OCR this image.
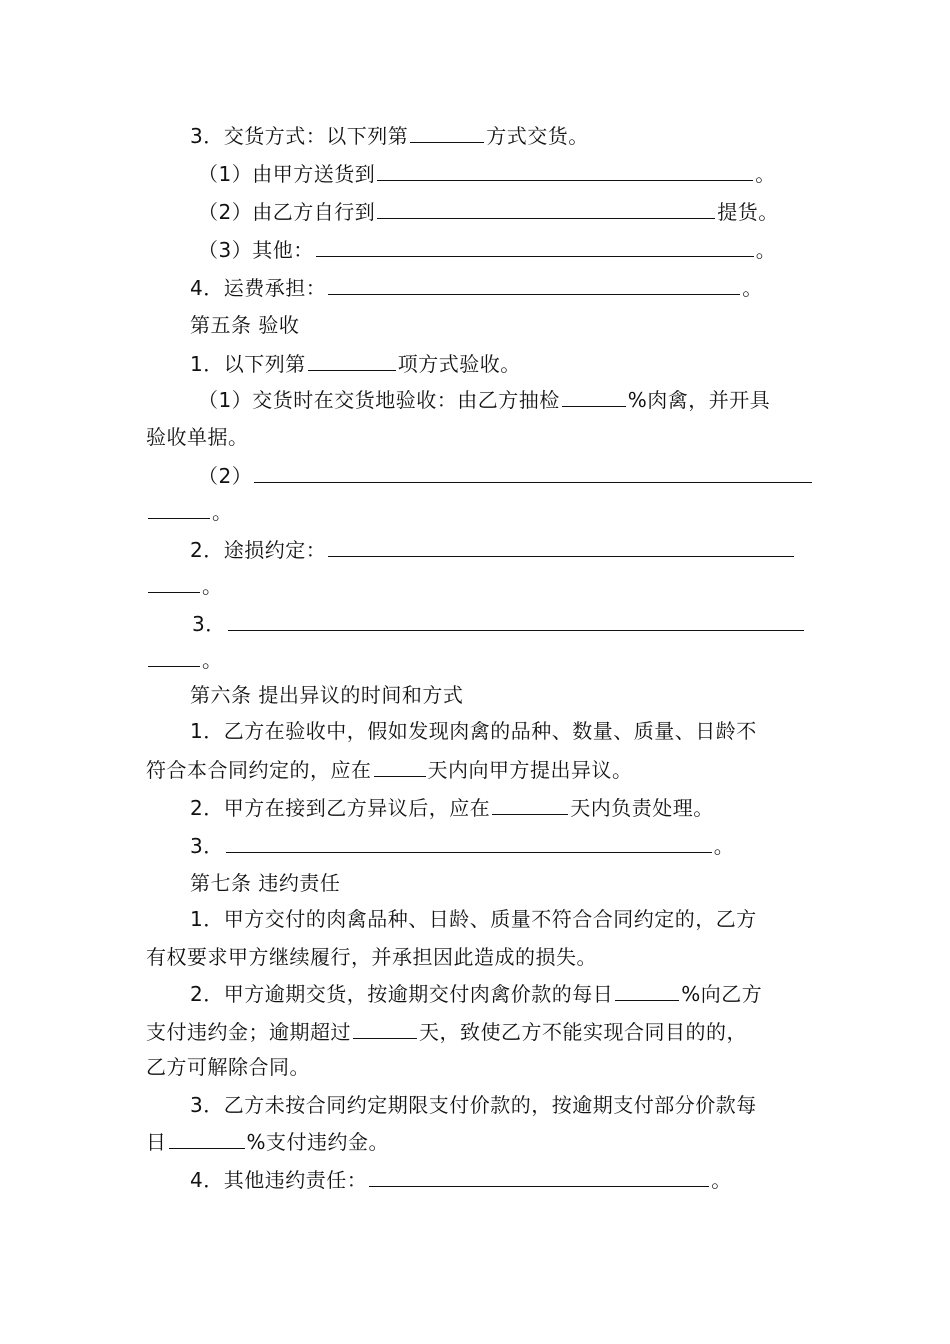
3．交货方式：以下列第	方式交货。
（1）由甲方送货到	。
（2）由乙方自行到	提货。
（3）其他：	。
4．运费承担：	。
第五条 验收
1．以下列第	项方式验收。
（1）交货时在交货地验收：由乙方抽检	%肉禽，并开具
验收单据。
（2）
。
2．途损约定：
。
3．
。
第六条 提出异议的时间和方式
1．乙方在验收中，假如发现肉禽的品种、数量、质量、日龄不
符合本合同约定的，应在	天内向甲方提出异议。
2．甲方在接到乙方异议后，应在	天内负责处理。
3．	。
第七条 违约责任
1．甲方交付的肉禽品种、日龄、质量不符合合同约定的，乙方
有权要求甲方继续履行，并承担因此造成的损失。
2．甲方逾期交货，按逾期交付肉禽价款的每日	%向乙方
支付违约金；逾期超过	天，致使乙方不能实现合同目的的，
乙方可解除合同。
3．乙方未按合同约定期限支付价款的，按逾期支付部分价款每
日	%支付违约金。
4．其他违约责任：	。
